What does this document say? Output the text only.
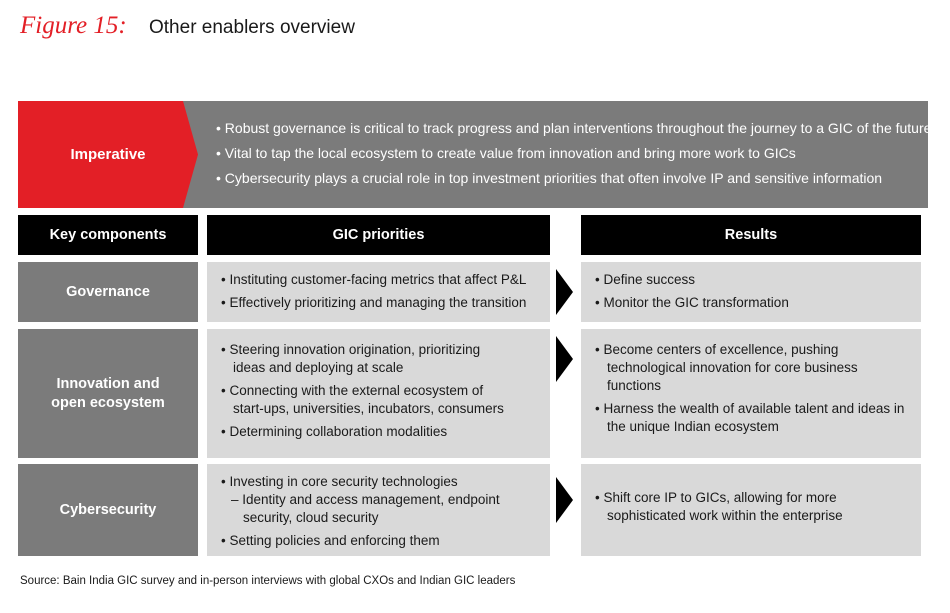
Figure 15: Other enablers overview
Imperative
• Robust governance is critical to track progress and plan interventions throughout the journey to a GIC of the future
• Vital to tap the local ecosystem to create value from innovation and bring more work to GICs
• Cybersecurity plays a crucial role in top investment priorities that often involve IP and sensitive information
Key components	GIC priorities	Results
Governance
• Instituting customer-facing metrics that affect P&L
• Effectively prioritizing and managing the transition
• Define success
• Monitor the GIC transformation
Innovation and
open ecosystem
• Steering innovation origination, prioritizing ideas and deploying at scale
• Connecting with the external ecosystem of start-ups, universities, incubators, consumers
• Determining collaboration modalities
• Become centers of excellence, pushing technological innovation for core business functions
• Harness the wealth of available talent and ideas in the unique Indian ecosystem
Cybersecurity
• Investing in core security technologies
– Identity and access management, endpoint security, cloud security
• Setting policies and enforcing them
• Shift core IP to GICs, allowing for more sophisticated work within the enterprise
Source: Bain India GIC survey and in-person interviews with global CXOs and Indian GIC leaders
